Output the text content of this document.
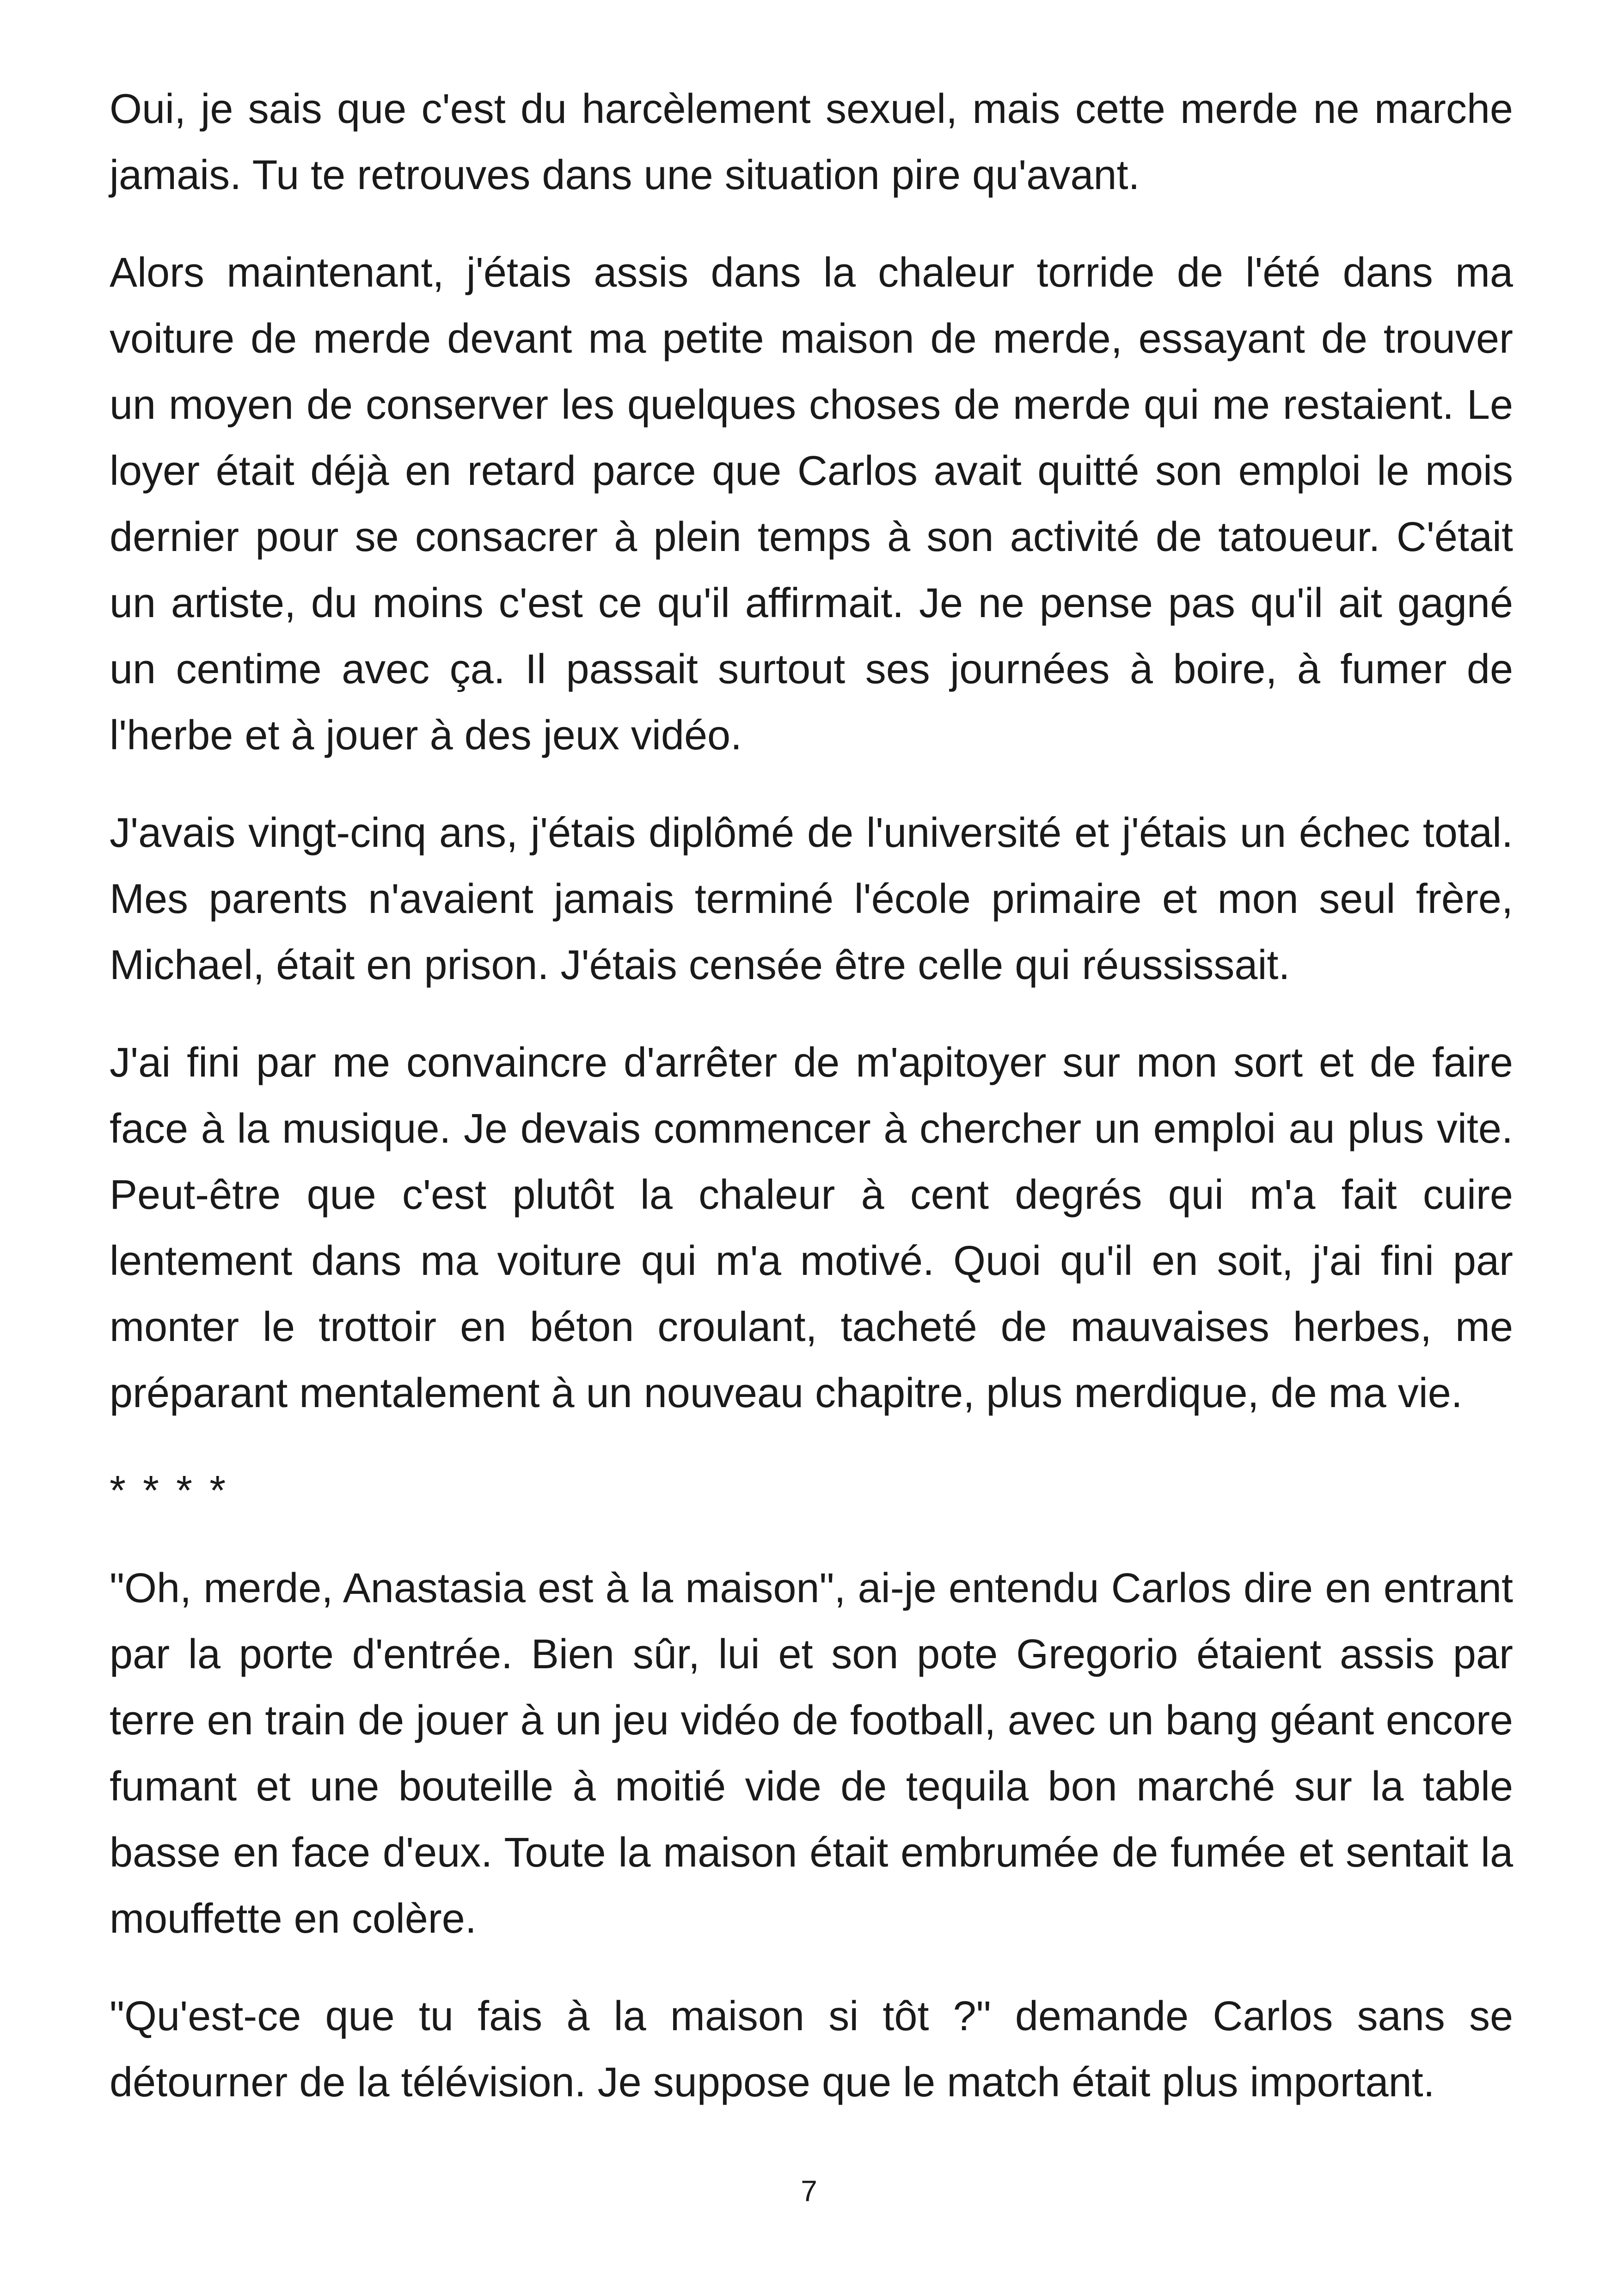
Oui, je sais que c'est du harcèlement sexuel, mais cette merde ne marche jamais. Tu te retrouves dans une situation pire qu'avant.

Alors maintenant, j'étais assis dans la chaleur torride de l'été dans ma voiture de merde devant ma petite maison de merde, essayant de trouver un moyen de conserver les quelques choses de merde qui me restaient. Le loyer était déjà en retard parce que Carlos avait quitté son emploi le mois dernier pour se consacrer à plein temps à son activité de tatoueur. C'était un artiste, du moins c'est ce qu'il affirmait. Je ne pense pas qu'il ait gagné un centime avec ça. Il passait surtout ses journées à boire, à fumer de l'herbe et à jouer à des jeux vidéo.

J'avais vingt-cinq ans, j'étais diplômé de l'université et j'étais un échec total. Mes parents n'avaient jamais terminé l'école primaire et mon seul frère, Michael, était en prison. J'étais censée être celle qui réussissait.

J'ai fini par me convaincre d'arrêter de m'apitoyer sur mon sort et de faire face à la musique. Je devais commencer à chercher un emploi au plus vite. Peut-être que c'est plutôt la chaleur à cent degrés qui m'a fait cuire lentement dans ma voiture qui m'a motivé. Quoi qu'il en soit, j'ai fini par monter le trottoir en béton croulant, tacheté de mauvaises herbes, me préparant mentalement à un nouveau chapitre, plus merdique, de ma vie.

* * * *

"Oh, merde, Anastasia est à la maison", ai-je entendu Carlos dire en entrant par la porte d'entrée. Bien sûr, lui et son pote Gregorio étaient assis par terre en train de jouer à un jeu vidéo de football, avec un bang géant encore fumant et une bouteille à moitié vide de tequila bon marché sur la table basse en face d'eux. Toute la maison était embrumée de fumée et sentait la mouffette en colère.

"Qu'est-ce que tu fais à la maison si tôt ?" demande Carlos sans se détourner de la télévision. Je suppose que le match était plus important.

7
